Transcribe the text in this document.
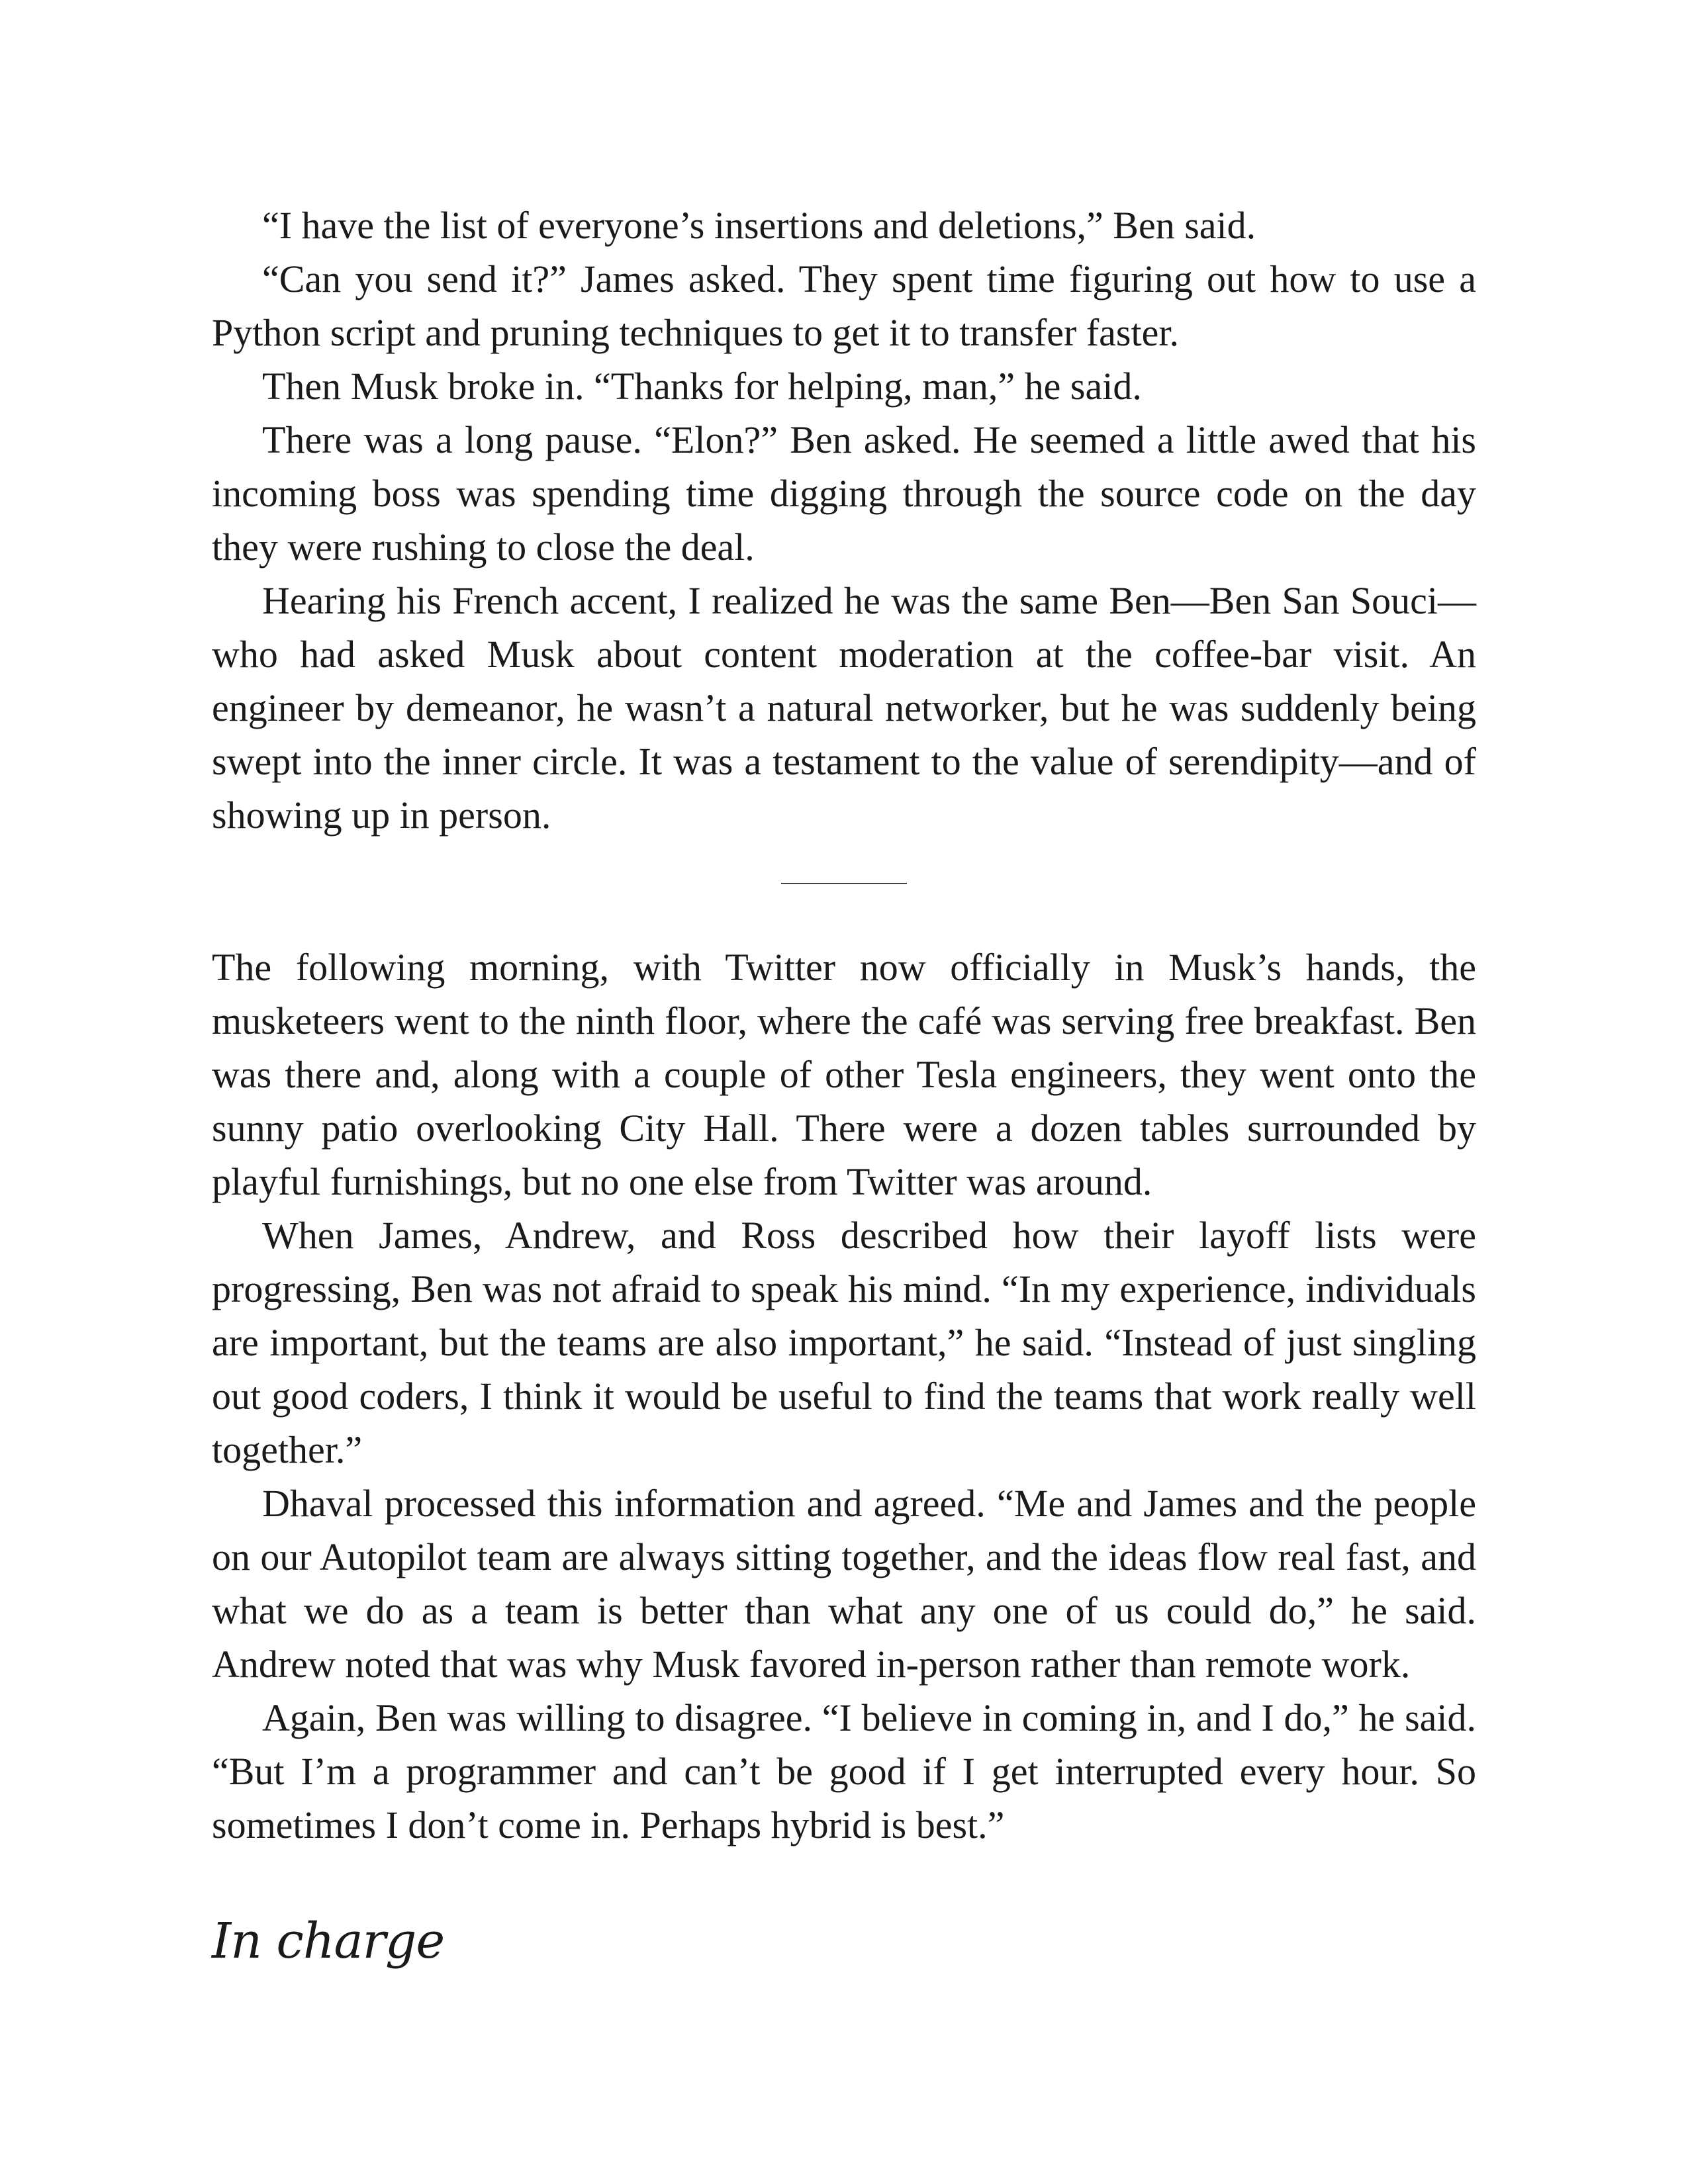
“I have the list of everyone’s insertions and deletions,” Ben said.

“Can you send it?” James asked. They spent time figuring out how to use a Python script and pruning techniques to get it to transfer faster.

Then Musk broke in. “Thanks for helping, man,” he said.

There was a long pause. “Elon?” Ben asked. He seemed a little awed that his incoming boss was spending time digging through the source code on the day they were rushing to close the deal.

Hearing his French accent, I realized he was the same Ben—Ben San Souci—who had asked Musk about content moderation at the coffee-bar visit. An engineer by demeanor, he wasn’t a natural networker, but he was suddenly being swept into the inner circle. It was a testament to the value of serendipity—and of showing up in person.

The following morning, with Twitter now officially in Musk’s hands, the musketeers went to the ninth floor, where the café was serving free breakfast. Ben was there and, along with a couple of other Tesla engineers, they went onto the sunny patio overlooking City Hall. There were a dozen tables surrounded by playful furnishings, but no one else from Twitter was around.

When James, Andrew, and Ross described how their layoff lists were progressing, Ben was not afraid to speak his mind. “In my experience, individuals are important, but the teams are also important,” he said. “Instead of just singling out good coders, I think it would be useful to find the teams that work really well together.”

Dhaval processed this information and agreed. “Me and James and the people on our Autopilot team are always sitting together, and the ideas flow real fast, and what we do as a team is better than what any one of us could do,” he said. Andrew noted that was why Musk favored in-person rather than remote work.

Again, Ben was willing to disagree. “I believe in coming in, and I do,” he said. “But I’m a programmer and can’t be good if I get interrupted every hour. So sometimes I don’t come in. Perhaps hybrid is best.”

In charge
